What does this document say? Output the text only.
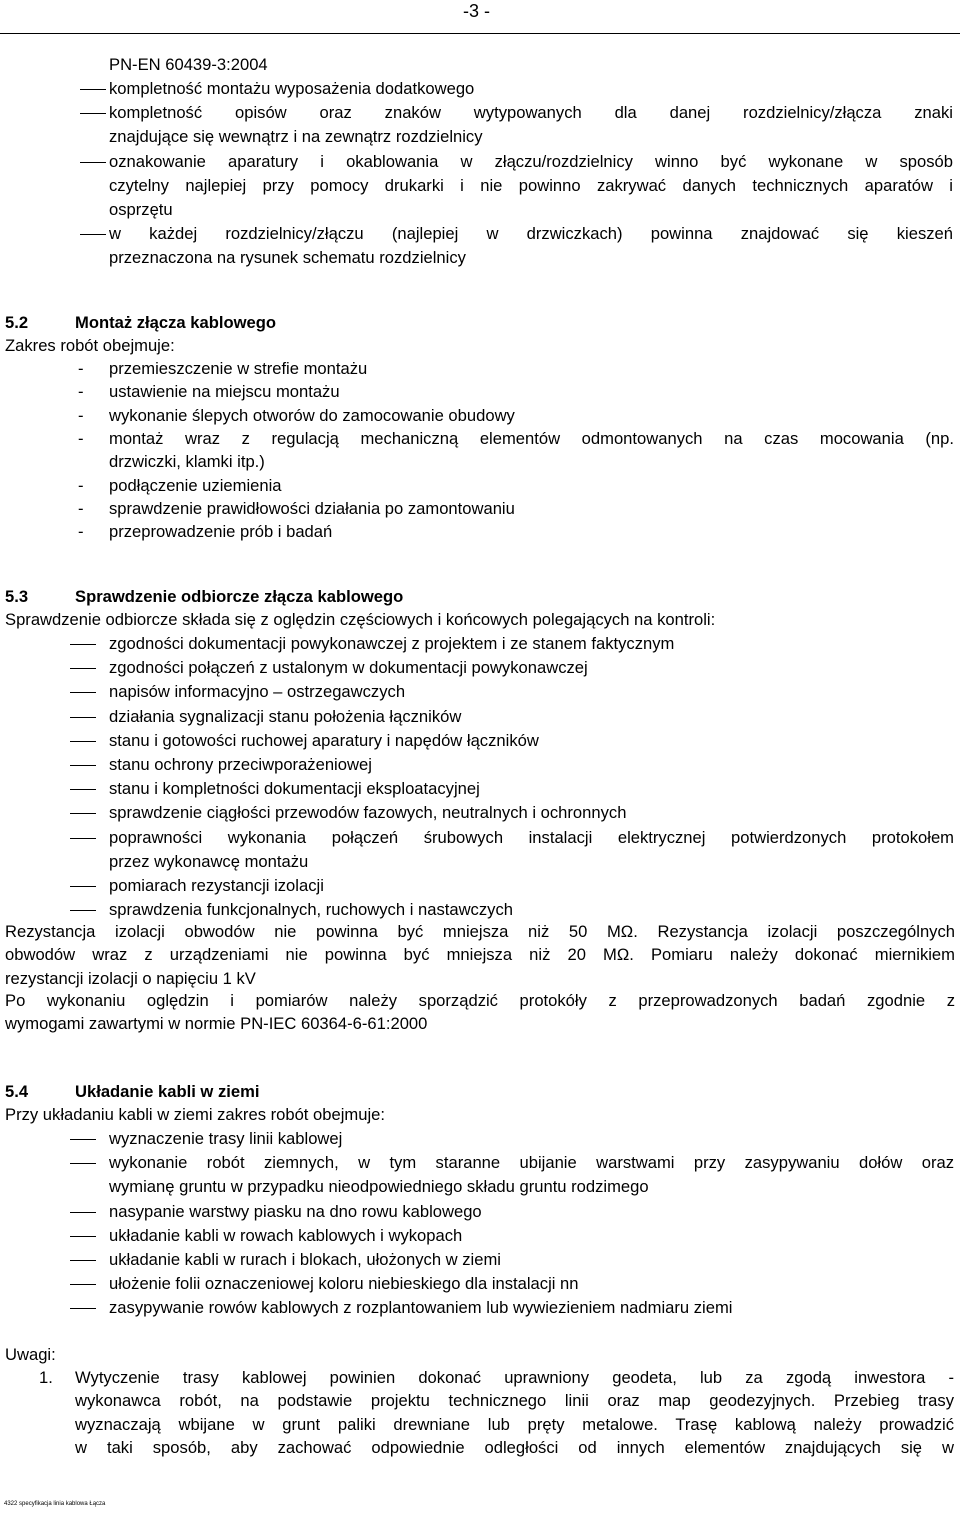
-3 -
PN-EN 60439-3:2004
kompletność montażu wyposażenia dodatkowego
kompletność opisów oraz znaków wytypowanych dla danej rozdzielnicy/złącza znaki
znajdujące się wewnątrz i na zewnątrz rozdzielnicy
oznakowanie aparatury i okablowania w złączu/rozdzielnicy winno być wykonane w sposób
czytelny najlepiej przy pomocy drukarki i nie powinno zakrywać danych technicznych aparatów i
osprzętu
w każdej rozdzielnicy/złączu (najlepiej w drzwiczkach) powinna znajdować się kieszeń
przeznaczona na rysunek schematu rozdzielnicy
5.2	Montaż złącza kablowego
Zakres robót obejmuje:
- przemieszczenie w strefie montażu
- ustawienie na miejscu montażu
- wykonanie ślepych otworów do zamocowanie obudowy
- montaż wraz z regulacją mechaniczną elementów odmontowanych na czas mocowania (np.
drzwiczki, klamki itp.)
- podłączenie uziemienia
- sprawdzenie prawidłowości działania po zamontowaniu
- przeprowadzenie prób i badań
5.3	Sprawdzenie odbiorcze złącza kablowego
Sprawdzenie odbiorcze składa się z oględzin częściowych i końcowych polegających na kontroli:
zgodności dokumentacji powykonawczej z projektem i ze stanem faktycznym
zgodności połączeń z ustalonym w dokumentacji powykonawczej
napisów informacyjno – ostrzegawczych
działania sygnalizacji stanu położenia łączników
stanu i gotowości ruchowej aparatury i napędów łączników
stanu ochrony przeciwporażeniowej
stanu i kompletności dokumentacji eksploatacyjnej
sprawdzenie ciągłości przewodów fazowych, neutralnych i ochronnych
poprawności wykonania połączeń śrubowych instalacji elektrycznej potwierdzonych protokołem
przez wykonawcę montażu
pomiarach rezystancji izolacji
sprawdzenia funkcjonalnych, ruchowych i nastawczych
Rezystancja izolacji obwodów nie powinna być mniejsza niż 50 MΩ. Rezystancja izolacji poszczególnych
obwodów wraz z urządzeniami nie powinna być mniejsza niż 20 MΩ. Pomiaru należy dokonać miernikiem
rezystancji izolacji o napięciu 1 kV
Po wykonaniu oględzin i pomiarów należy sporządzić protokóły z przeprowadzonych badań zgodnie z
wymogami zawartymi w normie PN-IEC 60364-6-61:2000
5.4	Układanie kabli w ziemi
Przy układaniu kabli w ziemi zakres robót obejmuje:
wyznaczenie trasy linii kablowej
wykonanie robót ziemnych, w tym staranne ubijanie warstwami przy zasypywaniu dołów oraz
wymianę gruntu w przypadku nieodpowiedniego składu gruntu rodzimego
nasypanie warstwy piasku na dno rowu kablowego
układanie kabli w rowach kablowych i wykopach
układanie kabli w rurach i blokach, ułożonych w ziemi
ułożenie folii oznaczeniowej koloru niebieskiego dla instalacji nn
zasypywanie rowów kablowych z rozplantowaniem lub wywiezieniem nadmiaru ziemi
Uwagi:
1. Wytyczenie trasy kablowej powinien dokonać uprawniony geodeta, lub za zgodą inwestora -
wykonawca robót, na podstawie projektu technicznego linii oraz map geodezyjnych. Przebieg trasy
wyznaczają wbijane w grunt paliki drewniane lub pręty metalowe. Trasę kablową należy prowadzić
w taki sposób, aby zachować odpowiednie odległości od innych elementów znajdujących się w
4322 specyfikacja linia kablowa Łącza
